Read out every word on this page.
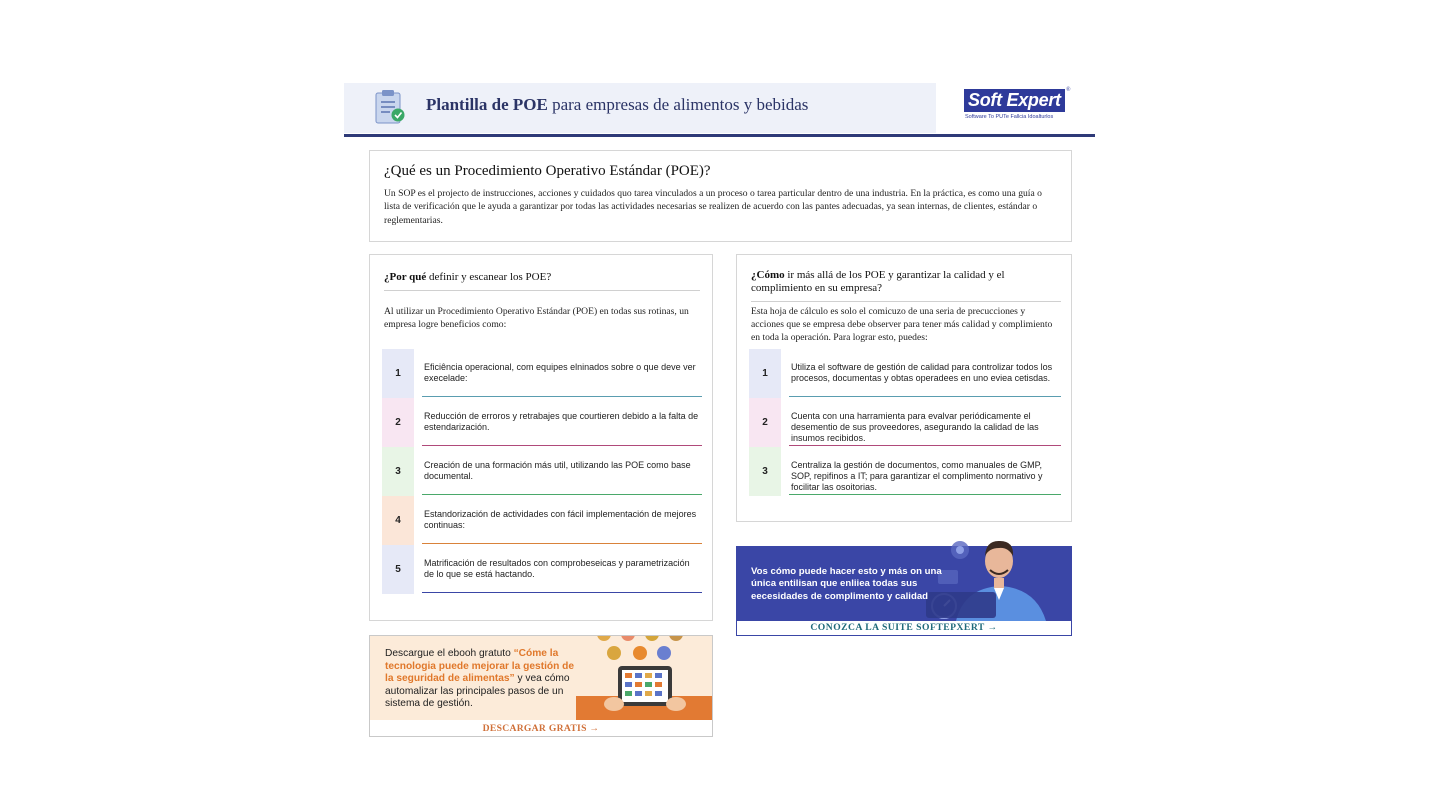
Plantilla de POE para empresas de alimentos y bebidas	Soft Expert ®
Software To PUTe Fallcia Idoalturlos
¿Qué es un Procedimiento Operativo Estándar (POE)?

Un SOP es el projecto de instrucciones, acciones y cuidados quo tarea vinculados a un proceso o tarea particular dentro de una industria. En la práctica, es como una guía o lista de verificación que le ayuda a garantizar por todas las actividades necesarias se realizen de acuerdo con las pantes adecuadas, ya sean internas, de clientes, estándar o reglementarias.

¿Por qué definir y escanear los POE?
Al utilizar un Procedimiento Operativo Estándar (POE) en todas sus rotinas, un empresa logre beneficios como:
1
Eficiência operacional, com equipes elninados sobre o que deve ver execelade:
2
Reducción de erroros y retrabajes que courtieren debido a la falta de estendarización.
3
Creación de una formación más util, utilizando las POE como base documental.
4
Estandorización de actividades con fácil implementación de mejores continuas:
5
Matrificación de resultados con comprobeseicas y parametrización de lo que se está hactando.
¿Cómo ir más allá de los POE y garantizar la calidad y el complimiento en su empresa?
Esta hoja de cálculo es solo el comicuzo de una seria de precucciones y acciones que se empresa debe observer para tener más calidad y complimiento en toda la operación. Para lograr esto, puedes:
1
Utiliza el software de gestión de calidad para controlizar todos los procesos, documentas y obtas operadees en uno eviea cetisdas.
2
Cuenta con una harramienta para evalvar periódicamente el desementio de sus proveedores, asegurando la calidad de las insumos recibidos.
3
Centraliza la gestión de documentos, como manuales de GMP, SOP, repifinos a IT; para garantizar el complimento normativo y focilitar las osoitorias.
Descargue el ebooh gratuto “Cóme la tecnologia puede mejorar la gestión de la seguridad de alimentas” y vea cómo automalizar las principales pasos de un sistema de gestión.
DESCARGAR GRATIS →
Vos cómo puede hacer esto y más on una única entilisan que enliiea todas sus eecesidades de complimento y calidad
CONOZCA LA SUITE SOFTEPXERT →
